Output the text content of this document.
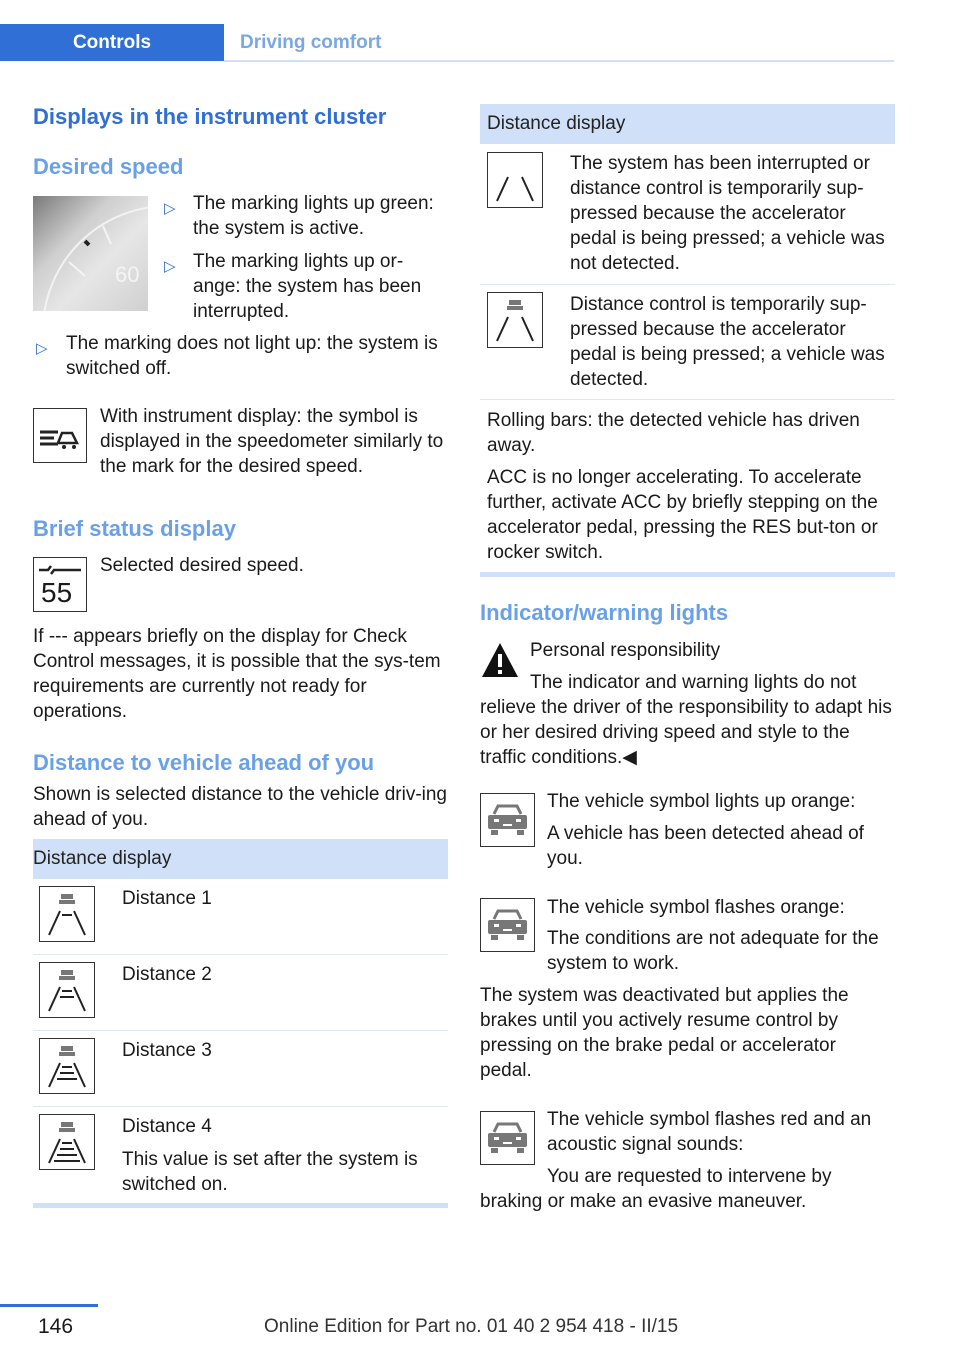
Controls	Driving comfort
Displays in the instrument cluster
Desired speed
60
▷ The marking lights up green: the system is active.

▷ The marking lights up or‐ange: the system has been interrupted.

▷ The marking does not light up: the system is switched off.

With instrument display: the symbol is displayed in the speedometer similarly to the mark for the desired speed.

Brief status display
55

Selected desired speed.

If --- appears briefly on the display for Check Control messages, it is possible that the sys‐tem requirements are currently not ready for operations.

Distance to vehicle ahead of you

Shown is selected distance to the vehicle driv‐ing ahead of you.

Distance display

Distance 1

Distance 2

Distance 3

Distance 4

This value is set after the system is switched on.

Distance display

The system has been interrupted or distance control is temporarily sup‐pressed because the accelerator pedal is being pressed; a vehicle was not detected.

Distance control is temporarily sup‐pressed because the accelerator pedal is being pressed; a vehicle was detected.

Rolling bars: the detected vehicle has driven away.

ACC is no longer accelerating. To accelerate further, activate ACC by briefly stepping on the accelerator pedal, pressing the RES but‐ton or rocker switch.

Indicator/warning lights

Personal responsibility

The indicator and warning lights do not relieve the driver of the responsibility to adapt his or her desired driving speed and style to the traffic conditions.◀

The vehicle symbol lights up orange:

A vehicle has been detected ahead of you.

The vehicle symbol flashes orange:

The conditions are not adequate for the system to work.

The system was deactivated but applies the brakes until you actively resume control by pressing on the brake pedal or accelerator pedal.

The vehicle symbol flashes red and an acoustic signal sounds:

You are requested to intervene by braking or make an evasive maneuver.

146	Online Edition for Part no. 01 40 2 954 418 - II/15
